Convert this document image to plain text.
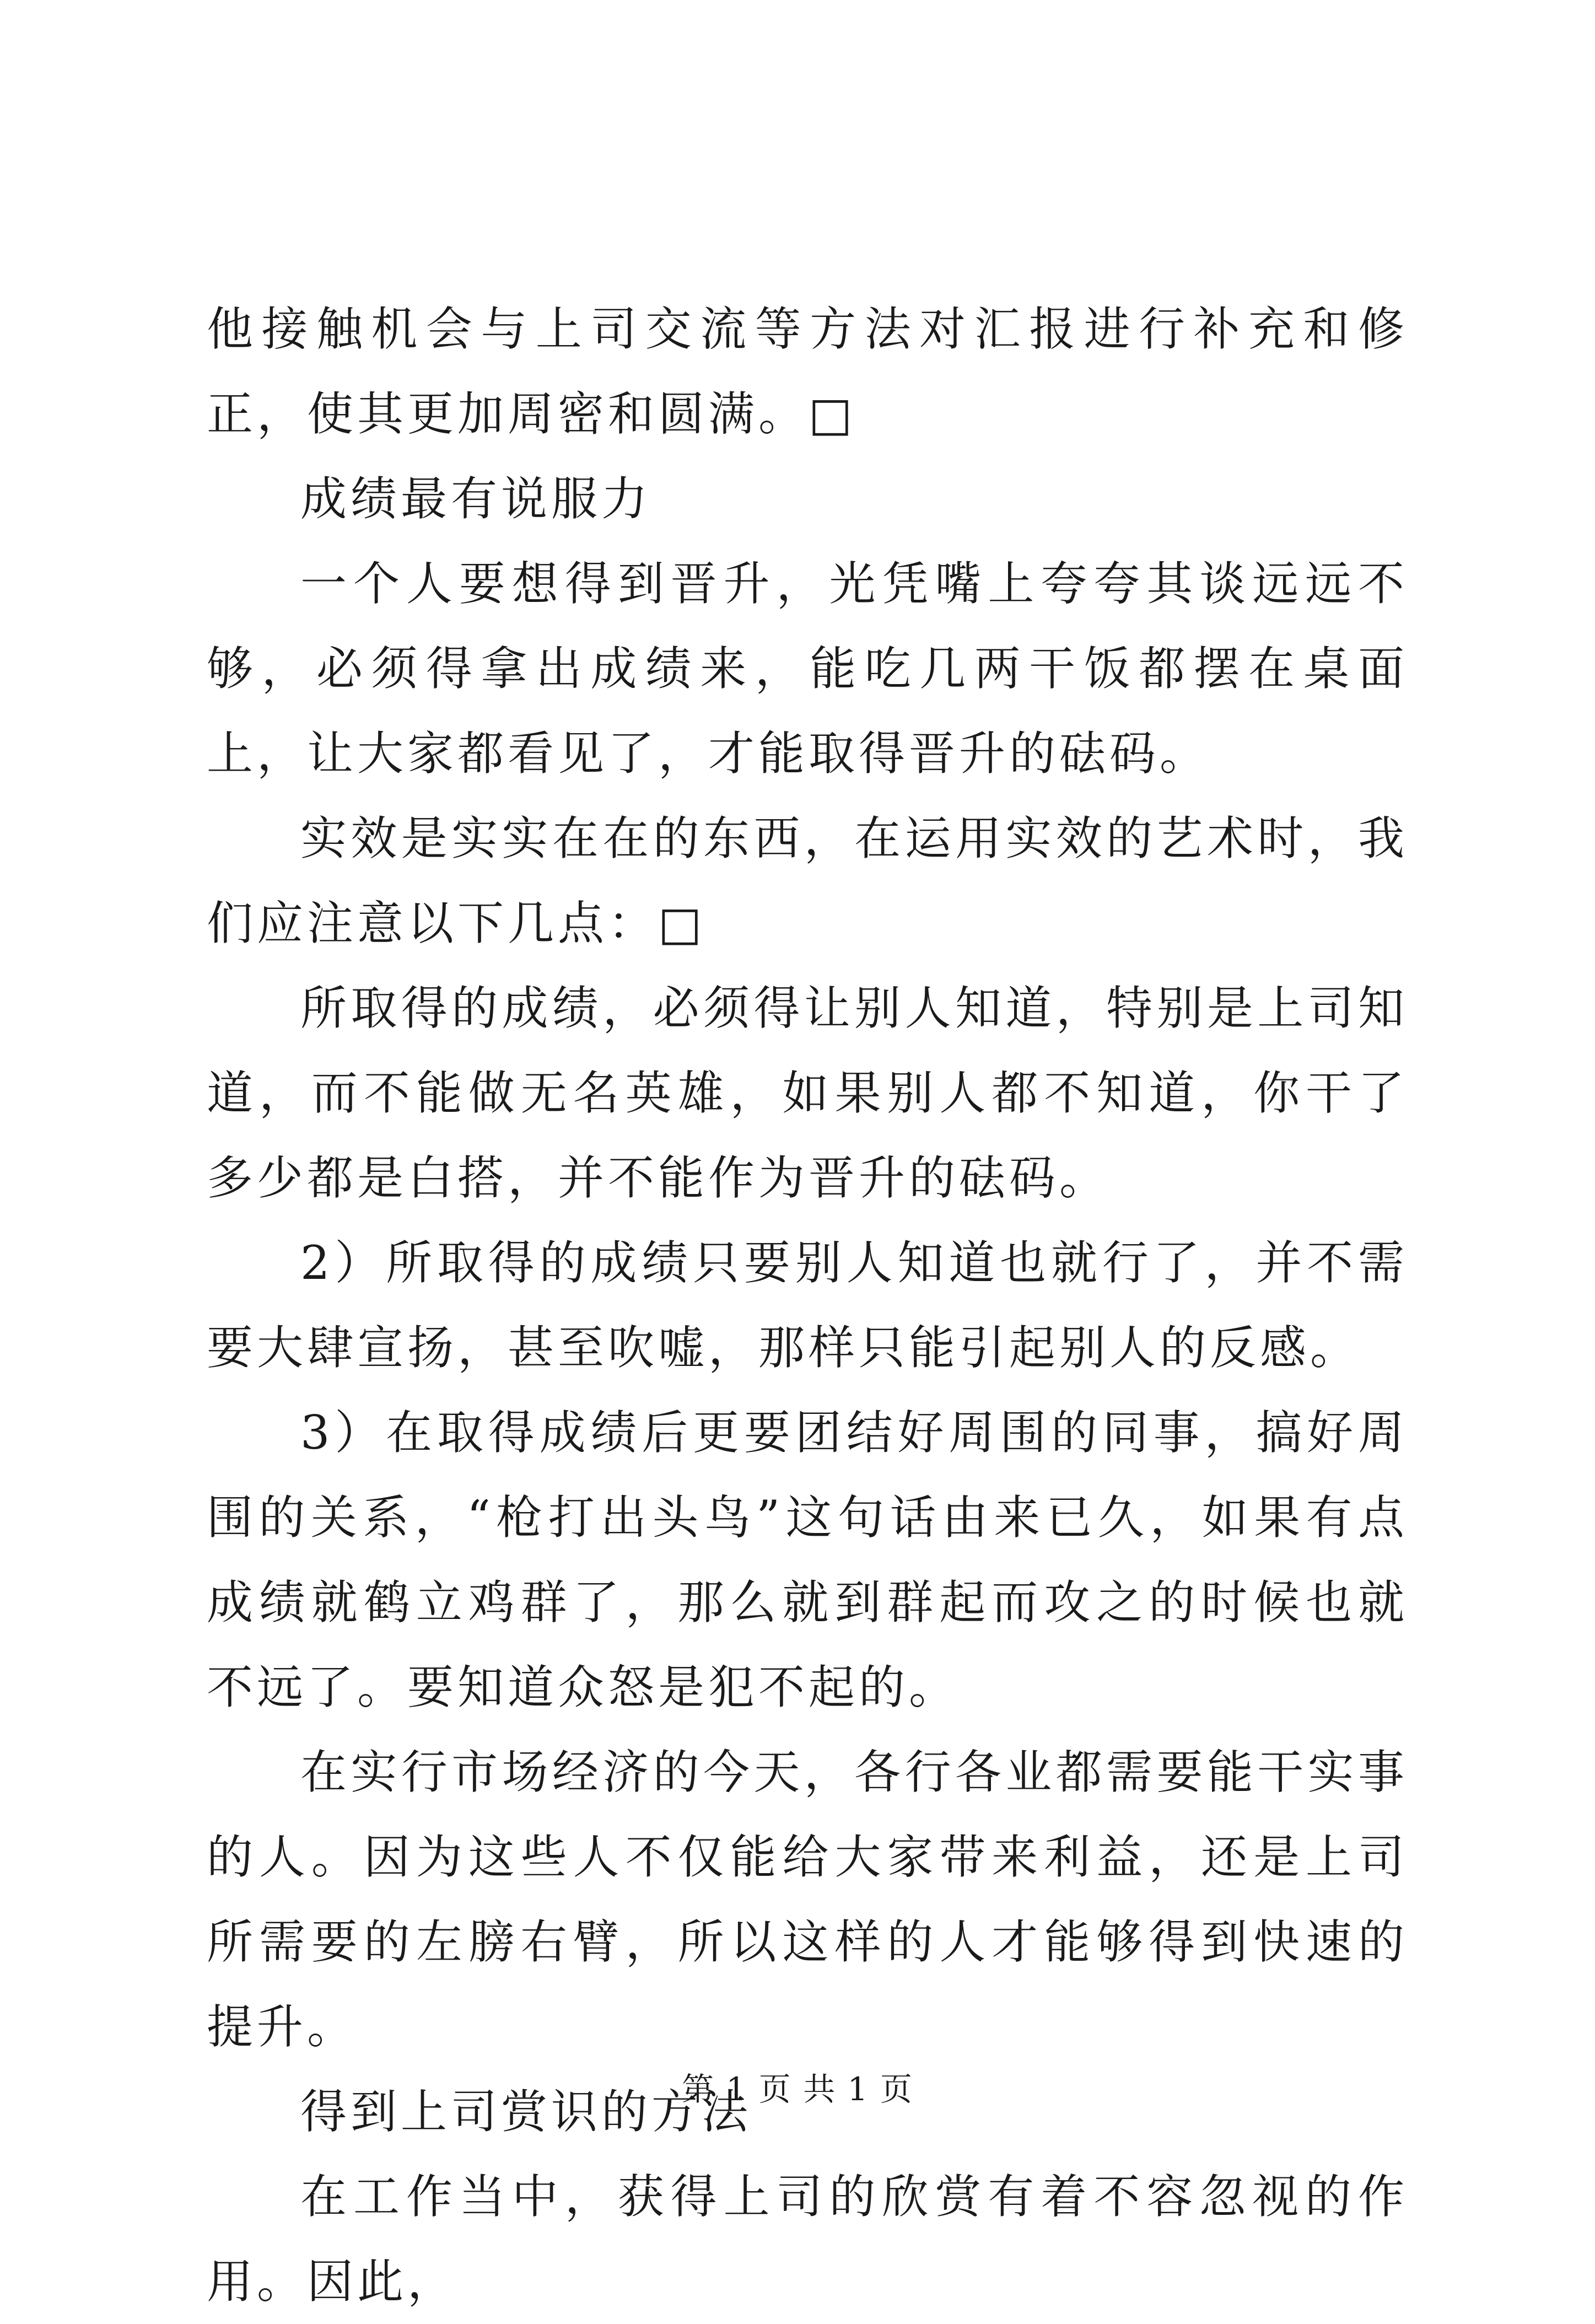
他接触机会与上司交流等方法对汇报进行补充和修正，使其更加周密和圆满。□

成绩最有说服力

一个人要想得到晋升，光凭嘴上夸夸其谈远远不够，必须得拿出成绩来，能吃几两干饭都摆在桌面上，让大家都看见了，才能取得晋升的砝码。

实效是实实在在的东西，在运用实效的艺术时，我们应注意以下几点：□

所取得的成绩，必须得让别人知道，特别是上司知道，而不能做无名英雄，如果别人都不知道，你干了多少都是白搭，并不能作为晋升的砝码。

2）所取得的成绩只要别人知道也就行了，并不需要大肆宣扬，甚至吹嘘，那样只能引起别人的反感。

3）在取得成绩后更要团结好周围的同事，搞好周围的关系，“枪打出头鸟”这句话由来已久，如果有点成绩就鹤立鸡群了，那么就到群起而攻之的时候也就不远了。要知道众怒是犯不起的。

在实行市场经济的今天，各行各业都需要能干实事的人。因为这些人不仅能给大家带来利益，还是上司所需要的左膀右臂，所以这样的人才能够得到快速的提升。

得到上司赏识的方法

在工作当中，获得上司的欣赏有着不容忽视的作用。因此，

第 1 页 共 1 页
